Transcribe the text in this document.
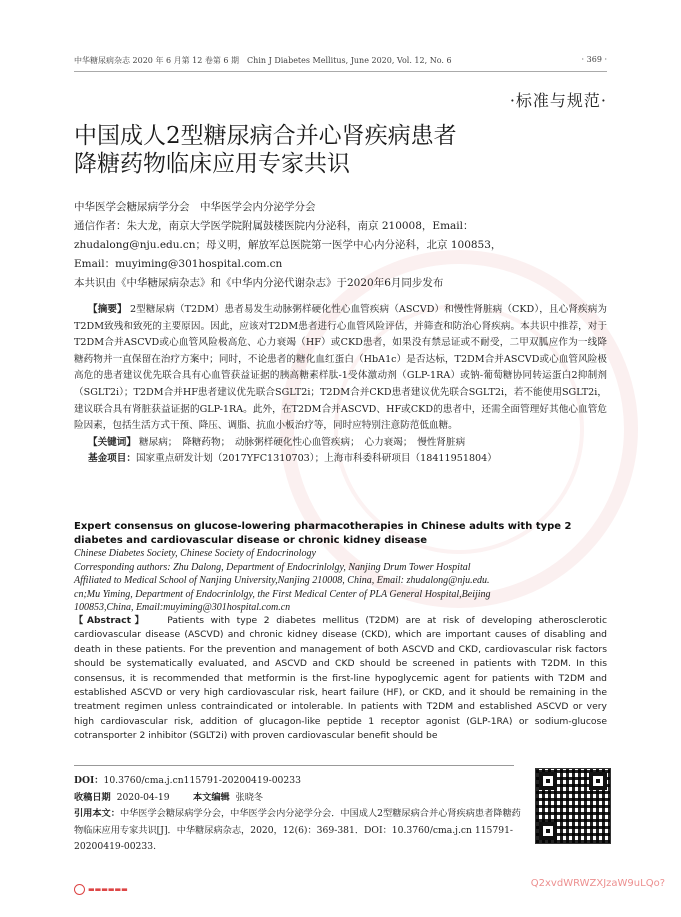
中华糖尿病杂志 2020 年 6 月第 12 卷第 6 期　Chin J Diabetes Mellitus, June 2020, Vol. 12, No. 6	· 369 ·
·标准与规范·
中国成人2型糖尿病合并心肾疾病患者
降糖药物临床应用专家共识
中华医学会糖尿病学分会　中华医学会内分泌学分会
通信作者：朱大龙，南京大学医学院附属鼓楼医院内分泌科，南京 210008，Email：
zhudalong@nju.edu.cn；母义明，解放军总医院第一医学中心内分泌科，北京 100853，
Email：muyiming@301hospital.com.cn
本共识由《中华糖尿病杂志》和《中华内分泌代谢杂志》于2020年6月同步发布

【摘要】 2型糖尿病（T2DM）患者易发生动脉粥样硬化性心血管疾病（ASCVD）和慢性肾脏病（CKD），且心肾疾病为T2DM致残和致死的主要原因。因此，应该对T2DM患者进行心血管风险评估，并筛查和防治心肾疾病。本共识中推荐，对于T2DM合并ASCVD或心血管风险极高危、心力衰竭（HF）或CKD患者，如果没有禁忌证或不耐受，二甲双胍应作为一线降糖药物并一直保留在治疗方案中；同时，不论患者的糖化血红蛋白（HbA1c）是否达标，T2DM合并ASCVD或心血管风险极高危的患者建议优先联合具有心血管获益证据的胰高糖素样肽-1受体激动剂（GLP-1RA）或钠-葡萄糖协同转运蛋白2抑制剂（SGLT2i）；T2DM合并HF患者建议优先联合SGLT2i；T2DM合并CKD患者建议优先联合SGLT2i，若不能使用SGLT2i，建议联合具有肾脏获益证据的GLP-1RA。此外，在T2DM合并ASCVD、HF或CKD的患者中，还需全面管理好其他心血管危险因素，包括生活方式干预、降压、调脂、抗血小板治疗等，同时应特别注意防范低血糖。

【关键词】 糖尿病；　降糖药物；　动脉粥样硬化性心血管疾病；　心力衰竭；　慢性肾脏病
基金项目：国家重点研发计划（2017YFC1310703）；上海市科委科研项目（18411951804）
Expert consensus on glucose-lowering pharmacotherapies in Chinese adults with type 2 diabetes and cardiovascular disease or chronic kidney disease
Chinese Diabetes Society, Chinese Society of Endocrinology
Corresponding authors: Zhu Dalong, Department of Endocrinlolgy, Nanjing Drum Tower Hospital
Affiliated to Medical School of Nanjing University,Nanjing 210008, China, Email: zhudalong@nju.edu.
cn;Mu Yiming, Department of Endocrinlolgy, the First Medical Center of PLA General Hospital,Beijing
100853,China, Email:muyiming@301hospital.com.cn

【Abstract】 Patients with type 2 diabetes mellitus (T2DM) are at risk of developing atherosclerotic cardiovascular disease (ASCVD) and chronic kidney disease (CKD), which are important causes of disabling and death in these patients. For the prevention and management of both ASCVD and CKD, cardiovascular risk factors should be systematically evaluated, and ASCVD and CKD should be screened in patients with T2DM. In this consensus, it is recommended that metformin is the first-line hypoglycemic agent for patients with T2DM and established ASCVD or very high cardiovascular risk, heart failure (HF), or CKD, and it should be remaining in the treatment regimen unless contraindicated or intolerable. In patients with T2DM and established ASCVD or very high cardiovascular risk, addition of glucagon-like peptide 1 receptor agonist (GLP-1RA) or sodium-glucose cotransporter 2 inhibitor (SGLT2i) with proven cardiovascular benefit should be

DOI：10.3760/cma.j.cn115791-20200419-00233
收稿日期 2020-04-19	本文编辑 张晓冬
引用本文：中华医学会糖尿病学分会，中华医学会内分泌学分会．中国成人2型糖尿病合并心肾疾病患者降糖药物临床应用专家共识[J]．中华糖尿病杂志，2020，12(6)：369-381．DOI：10.3760/cma.j.cn 115791-20200419-00233.
▬▬▬▬▬▬
Q2xvdWRWZXJzaW9uLQo?
